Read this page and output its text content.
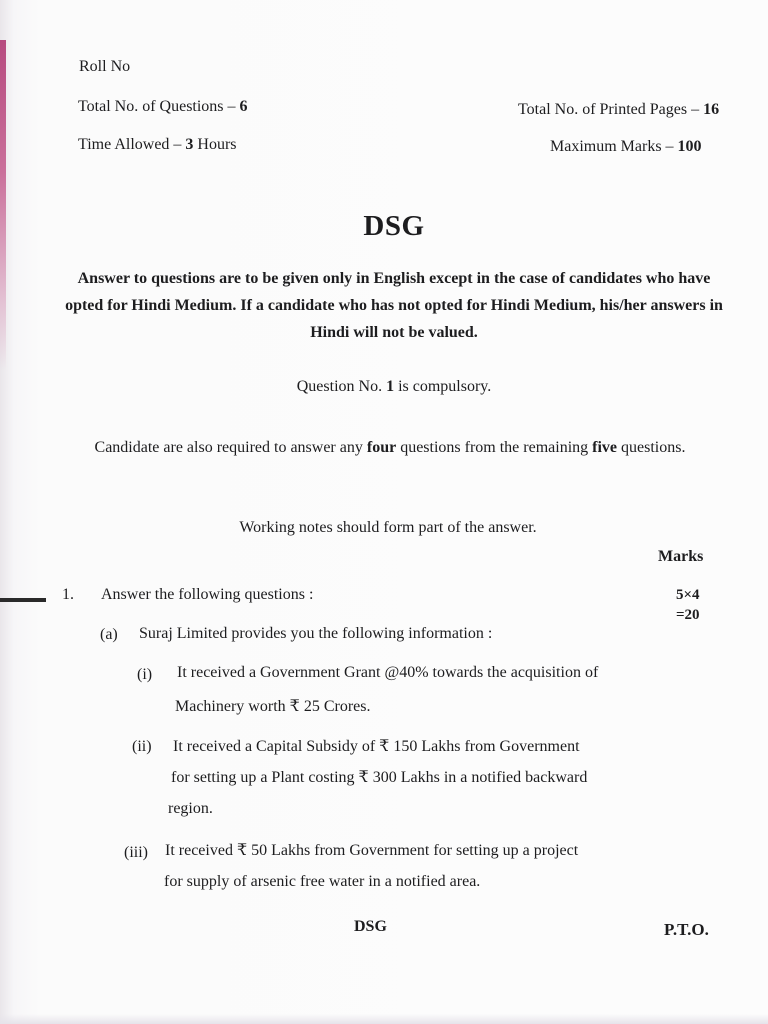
Roll No
Total No. of Questions – 6	Total No. of Printed Pages – 16
Time Allowed – 3 Hours	Maximum Marks – 100
DSG
Answer to questions are to be given only in English except in the case of candidates who have opted for Hindi Medium. If a candidate who has not opted for Hindi Medium, his/her answers in Hindi will not be valued.
Question No. 1 is compulsory.
Candidate are also required to answer any four questions from the remaining five questions.
Working notes should form part of the answer.
Marks
1. Answer the following questions :	5×4
=20
(a) Suraj Limited provides you the following information :
(i) It received a Government Grant @40% towards the acquisition of
Machinery worth ₹ 25 Crores.
(ii) It received a Capital Subsidy of ₹ 150 Lakhs from Government
for setting up a Plant costing ₹ 300 Lakhs in a notified backward
region.
(iii) It received ₹ 50 Lakhs from Government for setting up a project
for supply of arsenic free water in a notified area.
DSG	P.T.O.
